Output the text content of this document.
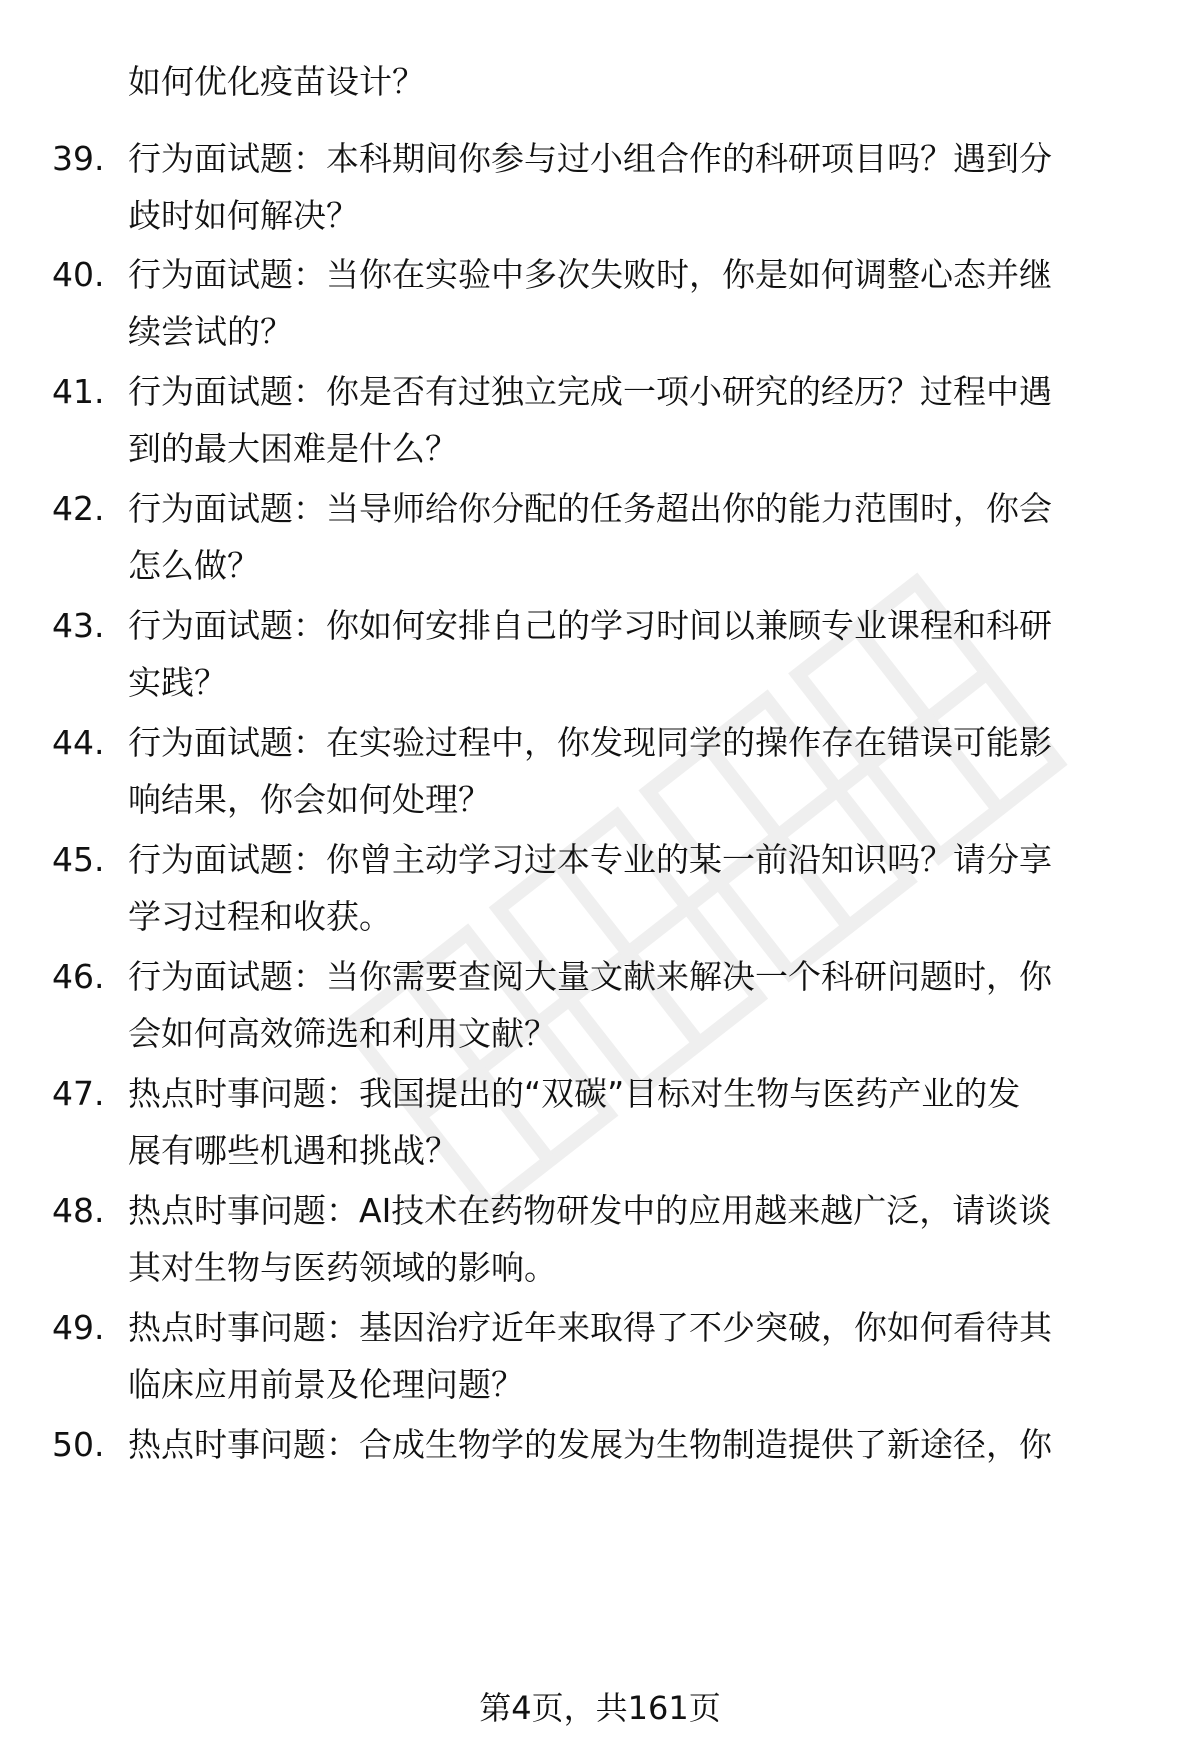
如何优化疫苗设计？
39. 行为面试题：本科期间你参与过小组合作的科研项目吗？遇到分
歧时如何解决？
40. 行为面试题：当你在实验中多次失败时，你是如何调整心态并继
续尝试的？
41. 行为面试题：你是否有过独立完成一项小研究的经历？过程中遇
到的最大困难是什么？
42. 行为面试题：当导师给你分配的任务超出你的能力范围时，你会
怎么做？
43. 行为面试题：你如何安排自己的学习时间以兼顾专业课程和科研
实践？
44. 行为面试题：在实验过程中，你发现同学的操作存在错误可能影
响结果，你会如何处理？
45. 行为面试题：你曾主动学习过本专业的某一前沿知识吗？请分享
学习过程和收获。
46. 行为面试题：当你需要查阅大量文献来解决一个科研问题时，你
会如何高效筛选和利用文献？
47. 热点时事问题：我国提出的“双碳”目标对生物与医药产业的发
展有哪些机遇和挑战？
48. 热点时事问题：AI技术在药物研发中的应用越来越广泛，请谈谈
其对生物与医药领域的影响。
49. 热点时事问题：基因治疗近年来取得了不少突破，你如何看待其
临床应用前景及伦理问题？
50. 热点时事问题：合成生物学的发展为生物制造提供了新途径，你
第4页，共161页
